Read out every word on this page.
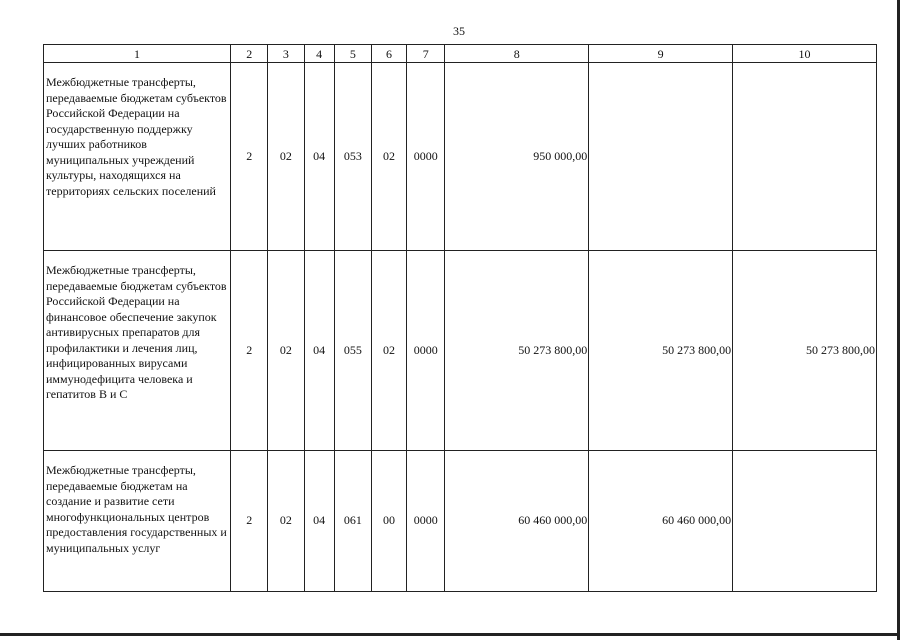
35
1	2	3	4	5	6	7	8	9	10
Межбюджетные трансферты, передаваемые бюджетам субъектов Российской Федерации на государственную поддержку лучших работников муниципальных учреждений культуры, находящихся на территориях сельских поселений	2	02	04	053	02	0000	950 000,00		
Межбюджетные трансферты, передаваемые бюджетам субъектов Российской Федерации на финансовое обеспечение закупок антивирусных препаратов для профилактики и лечения лиц, инфицированных вирусами иммунодефицита человека и гепатитов В и С	2	02	04	055	02	0000	50 273 800,00	50 273 800,00	50 273 800,00
Межбюджетные трансферты, передаваемые бюджетам на создание и развитие сети многофункциональных центров предоставления государственных и муниципальных услуг	2	02	04	061	00	0000	60 460 000,00	60 460 000,00	
